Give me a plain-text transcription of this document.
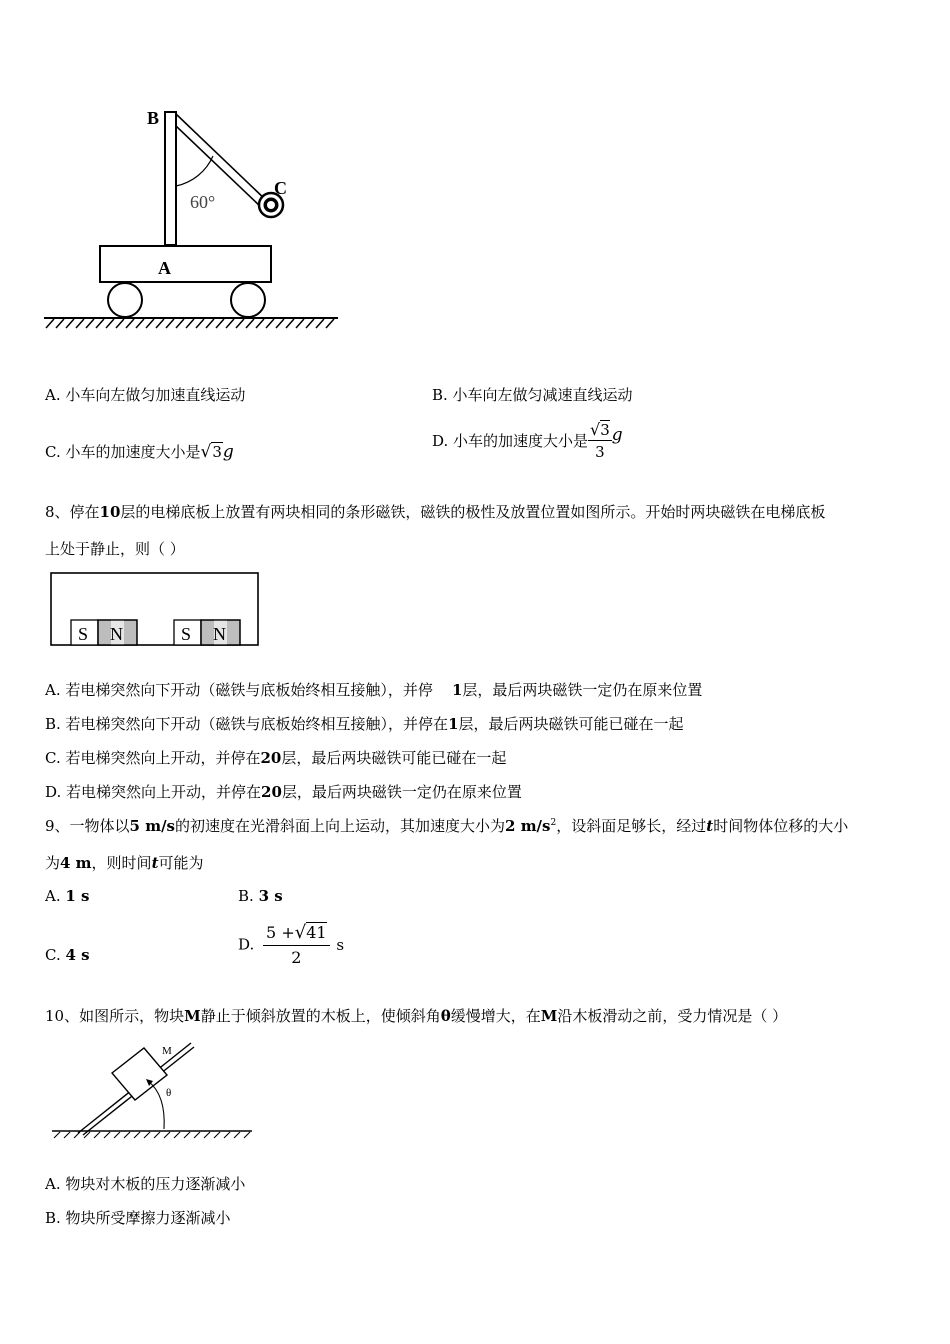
60°
B
C
A
A. 小车向左做匀加速直线运动	B. 小车向左做匀减速直线运动
C. 小车的加速度大小是√3g
D. 小车的加速度大小是 $\frac{√3}{3}$ g
8、停在10层的电梯底板上放置有两块相同的条形磁铁，磁铁的极性及放置位置如图所示。开始时两块磁铁在电梯底板
上处于静止，则（ ）
S N	S N
A. 若电梯突然向下开动（磁铁与底板始终相互接触），并停 1层，最后两块磁铁一定仍在原来位置
B. 若电梯突然向下开动（磁铁与底板始终相互接触），并停在1层，最后两块磁铁可能已碰在一起
C. 若电梯突然向上开动，并停在20层，最后两块磁铁可能已碰在一起
D. 若电梯突然向上开动，并停在20层，最后两块磁铁一定仍在原来位置
9、一物体以5 m/s的初速度在光滑斜面上向上运动，其加速度大小为2 $m/s^2$，设斜面足够长，经过t时间物体位移的大小
为4 m，则时间t可能为
A. 1 s	B. 3 s
C. 4 s
D. $\frac{5 +√41}{2}$ s
10、如图所示，物块M静止于倾斜放置的木板上，使倾斜角θ缓慢增大，在M沿木板滑动之前，受力情况是（ ）
M
θ
A. 物块对木板的压力逐渐减小
B. 物块所受摩擦力逐渐减小
